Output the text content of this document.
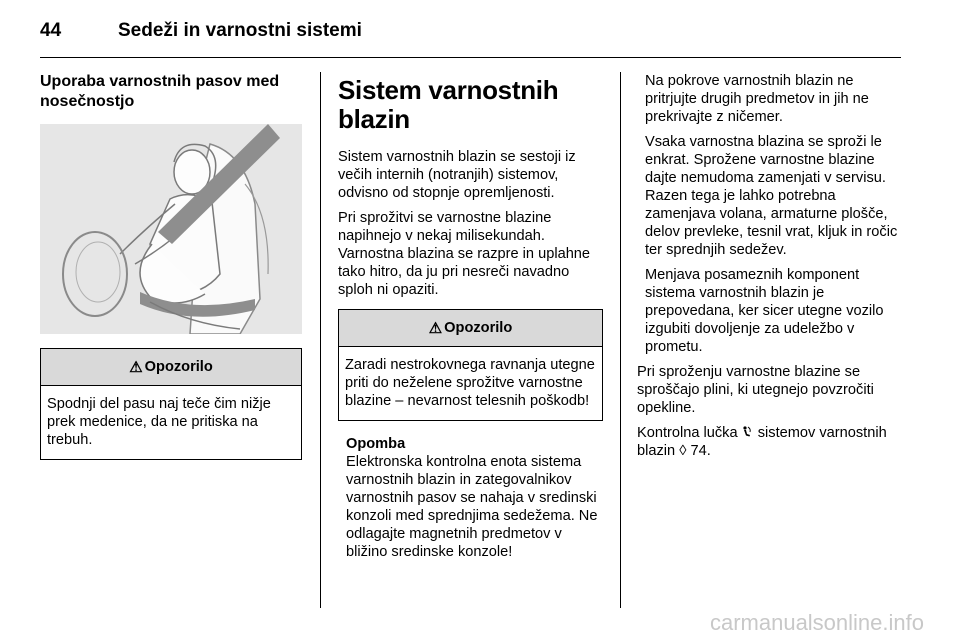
44	Sedeži in varnostni sistemi
Uporaba varnostnih pasov med nosečnostjo
⚠ Opozorilo
Spodnji del pasu naj teče čim nižje prek medenice, da ne pritiska na trebuh.
Sistem varnostnih blazin

Sistem varnostnih blazin se sestoji iz večih internih (notranjih) sistemov, odvisno od stopnje opremljenosti.

Pri sprožitvi se varnostne blazine napihnejo v nekaj milisekundah. Varnostna blazina se razpre in uplahne tako hitro, da ju pri nesreči navadno sploh ni opaziti.

⚠ Opozorilo
Zaradi nestrokovnega ravnanja utegne priti do neželene sprožitve varnostne blazine – nevarnost telesnih poškodb!
Opomba
Elektronska kontrolna enota sistema varnostnih blazin in zategovalnikov varnostnih pasov se nahaja v sredinski konzoli med sprednjima sedežema. Ne odlagajte magnetnih predmetov v bližino sredinske konzole!

Na pokrove varnostnih blazin ne pritrjujte drugih predmetov in jih ne prekrivajte z ničemer.

Vsaka varnostna blazina se sproži le enkrat. Sprožene varnostne blazine dajte nemudoma zamenjati v servisu. Razen tega je lahko potrebna zamenjava volana, armaturne plošče, delov prevleke, tesnil vrat, kljuk in ročic ter sprednjih sedežev.

Menjava posameznih komponent sistema varnostnih blazin je prepovedana, ker sicer utegne vozilo izgubiti dovoljenje za udeležbo v prometu.

Pri sproženju varnostne blazine se sproščajo plini, ki utegnejo povzročiti opekline.

Kontrolna lučka sistemov varnostnih blazin ◊ 74.

carmanualsonline.info
